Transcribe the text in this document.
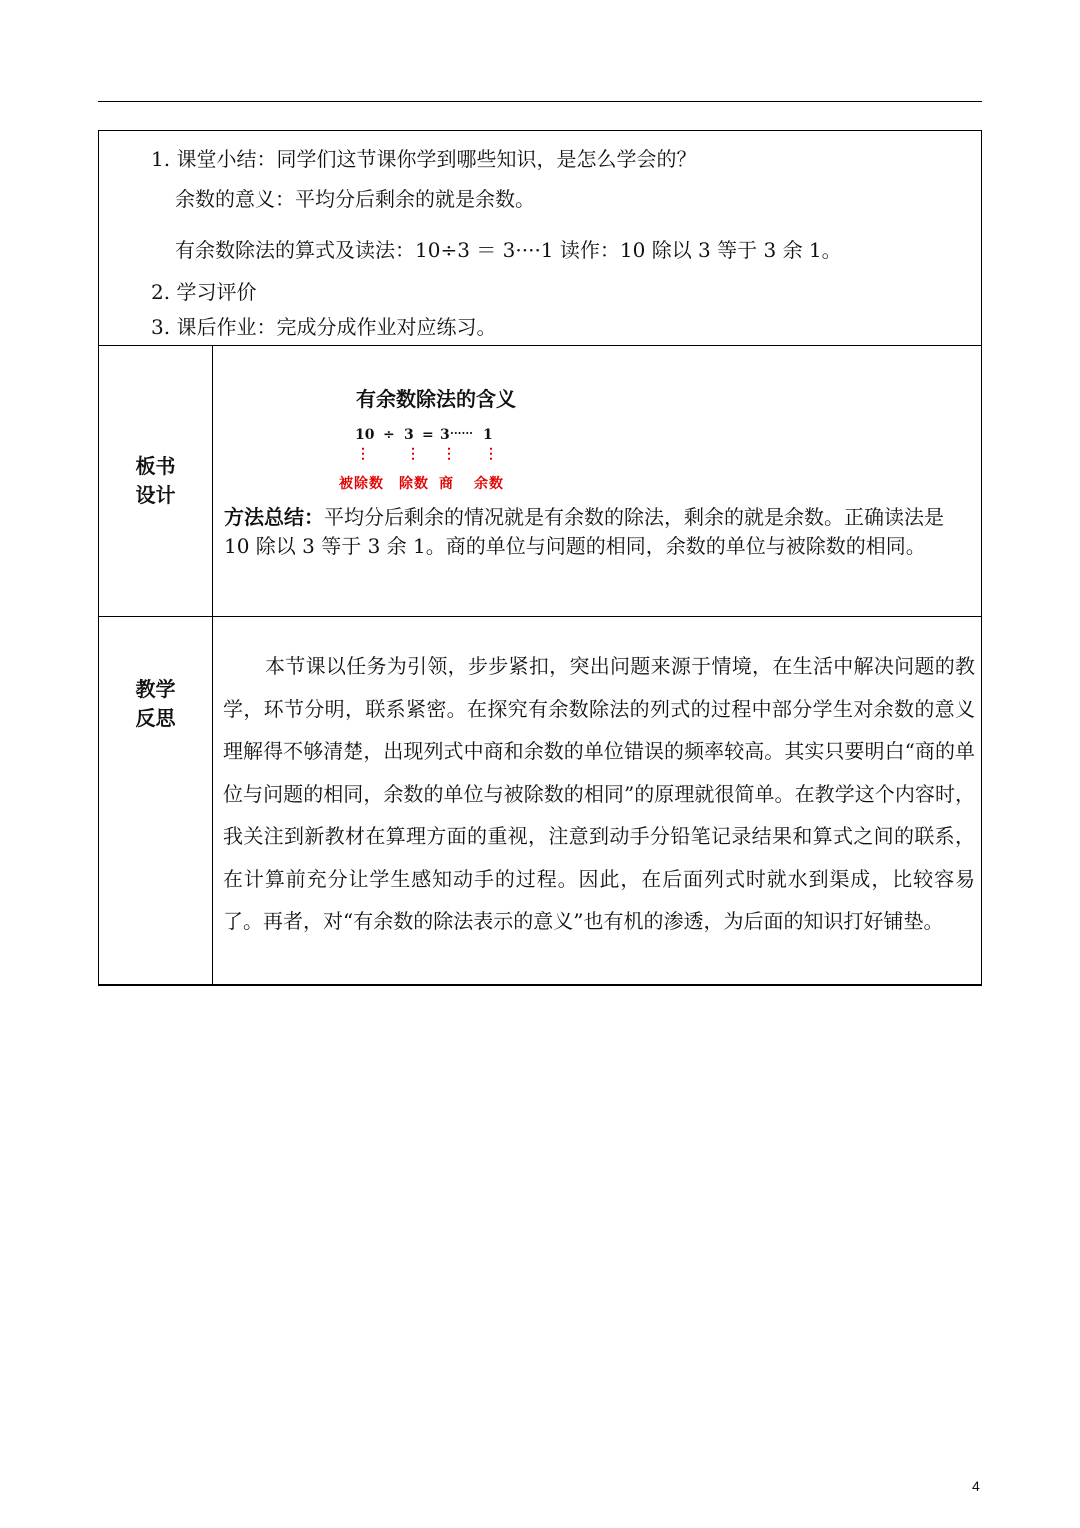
1. 课堂小结：同学们这节课你学到哪些知识，是怎么学会的？
余数的意义：平均分后剩余的就是余数。
有余数除法的算式及读法：10÷3 ＝ 3····1 读作：10 除以 3 等于 3 余 1。
2. 学习评价
3. 课后作业：完成分成作业对应练习。
板书
设计
教学
反思
本节课以任务为引领，步步紧扣，突出问题来源于情境，在生活中解决问题的教学，环节分明，联系紧密。在探究有余数除法的列式的过程中部分学生对余数的意义理解得不够清楚，出现列式中商和余数的单位错误的频率较高。其实只要明白“商的单位与问题的相同，余数的单位与被除数的相同”的原理就很简单。在教学这个内容时，我关注到新教材在算理方面的重视，注意到动手分铅笔记录结果和算式之间的联系，在计算前充分让学生感知动手的过程。因此，在后面列式时就水到渠成，比较容易了。再者，对“有余数的除法表示的意义”也有机的渗透，为后面的知识打好铺垫。
有余数除法的含义
10 ÷ 3 = 3 ······ 1
⋮	⋮ ⋮ ⋮
被除数 除数 商 余数
方法总结：平均分后剩余的情况就是有余数的除法，剩余的就是余数。正确读法是 10 除以 3 等于 3 余 1。商的单位与问题的相同，余数的单位与被除数的相同。
4
